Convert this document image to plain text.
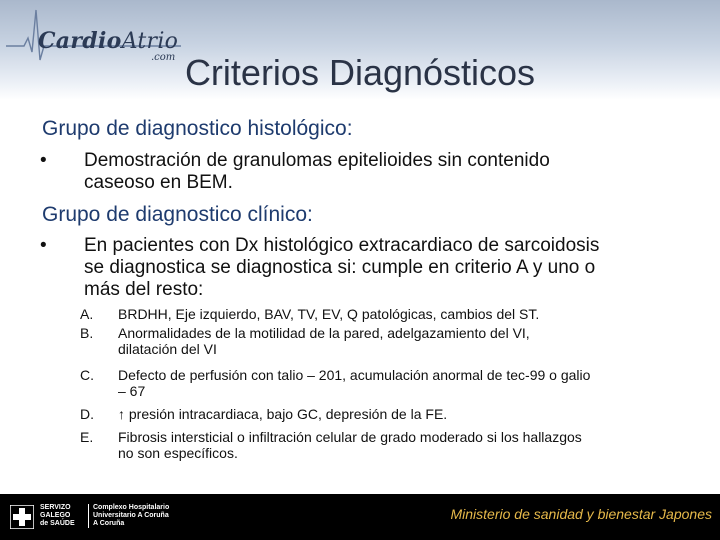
CardioAtrio
.com Criterios Diagnósticos
Grupo de diagnostico histológico:
• Demostración de granulomas epitelioides sin contenido
caseoso en BEM.
Grupo de diagnostico clínico:
• En pacientes con Dx histológico extracardiaco de sarcoidosis
se diagnostica se diagnostica si: cumple en criterio A y uno o
más del resto:
A.	BRDHH, Eje izquierdo, BAV, TV, EV, Q patológicas, cambios del ST.
B.	Anormalidades de la motilidad de la pared, adelgazamiento del VI,
dilatación del VI
C.	Defecto de perfusión con talio – 201, acumulación anormal de tec-99 o galio
– 67
D.	↑ presión intracardiaca, bajo GC, depresión de la FE.
E.	Fibrosis intersticial o infiltración celular de grado moderado si los hallazgos
no son específicos.
SERVIZO
GALEGO
de SAÚDE
Complexo Hospitalario
Universitario A Coruña
A Coruña
Ministerio de sanidad y bienestar Japones
